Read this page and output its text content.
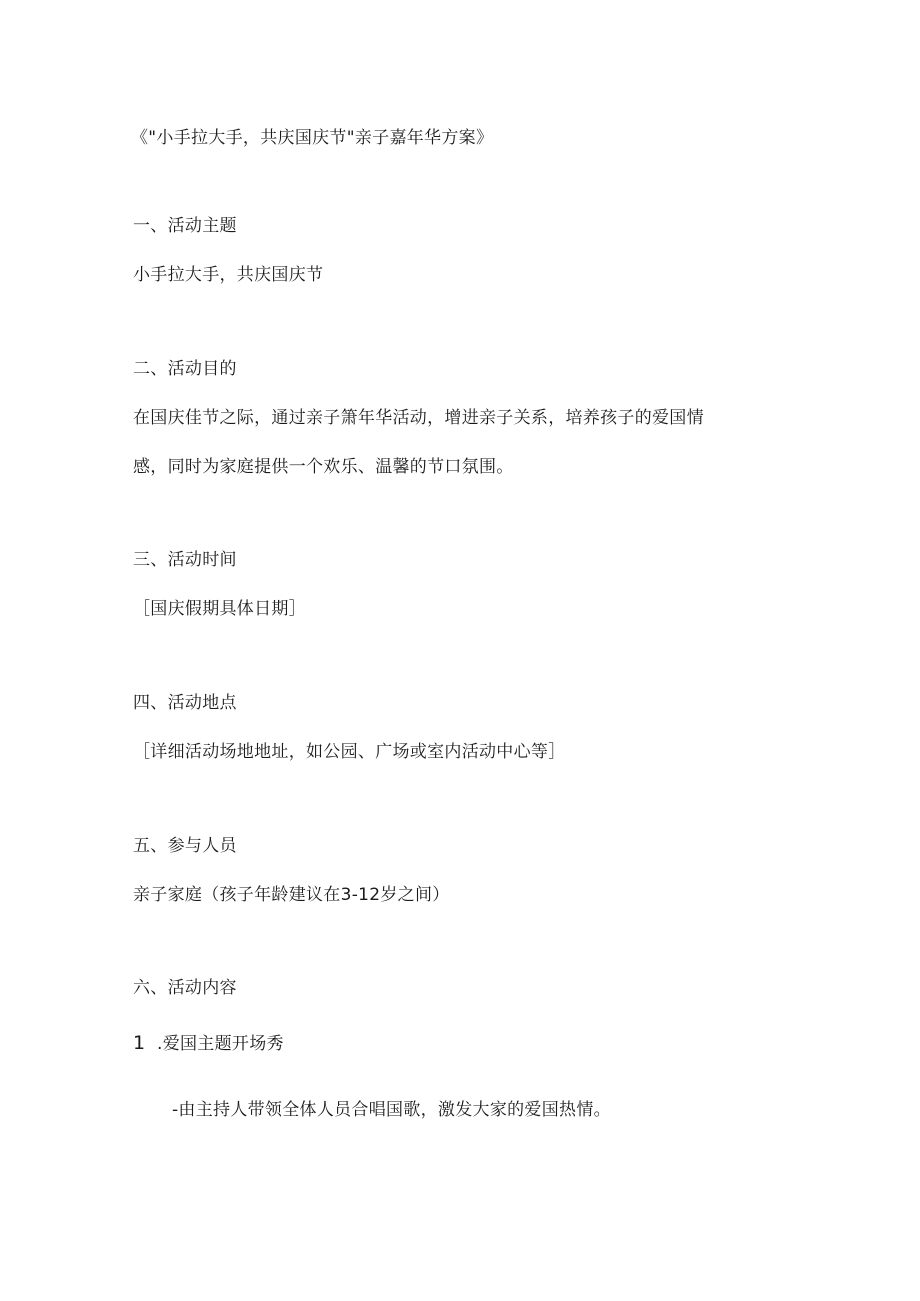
《"小手拉大手，共庆国庆节"亲子嘉年华方案》
一、活动主题
小手拉大手，共庆国庆节
二、活动目的
在国庆佳节之际，通过亲子箫年华活动，增进亲子关系，培养孩子的爱国情
感，同时为家庭提供一个欢乐、温馨的节口氛围。
三、活动时间
［国庆假期具体日期］
四、活动地点
［详细活动场地地址，如公园、广场或室内活动中心等］
五、参与人员
亲子家庭（孩子年龄建议在3-12岁之间）
六、活动内容
1 .爱国主题开场秀
-由主持人带领全体人员合唱国歌，激发大家的爱国热情。
